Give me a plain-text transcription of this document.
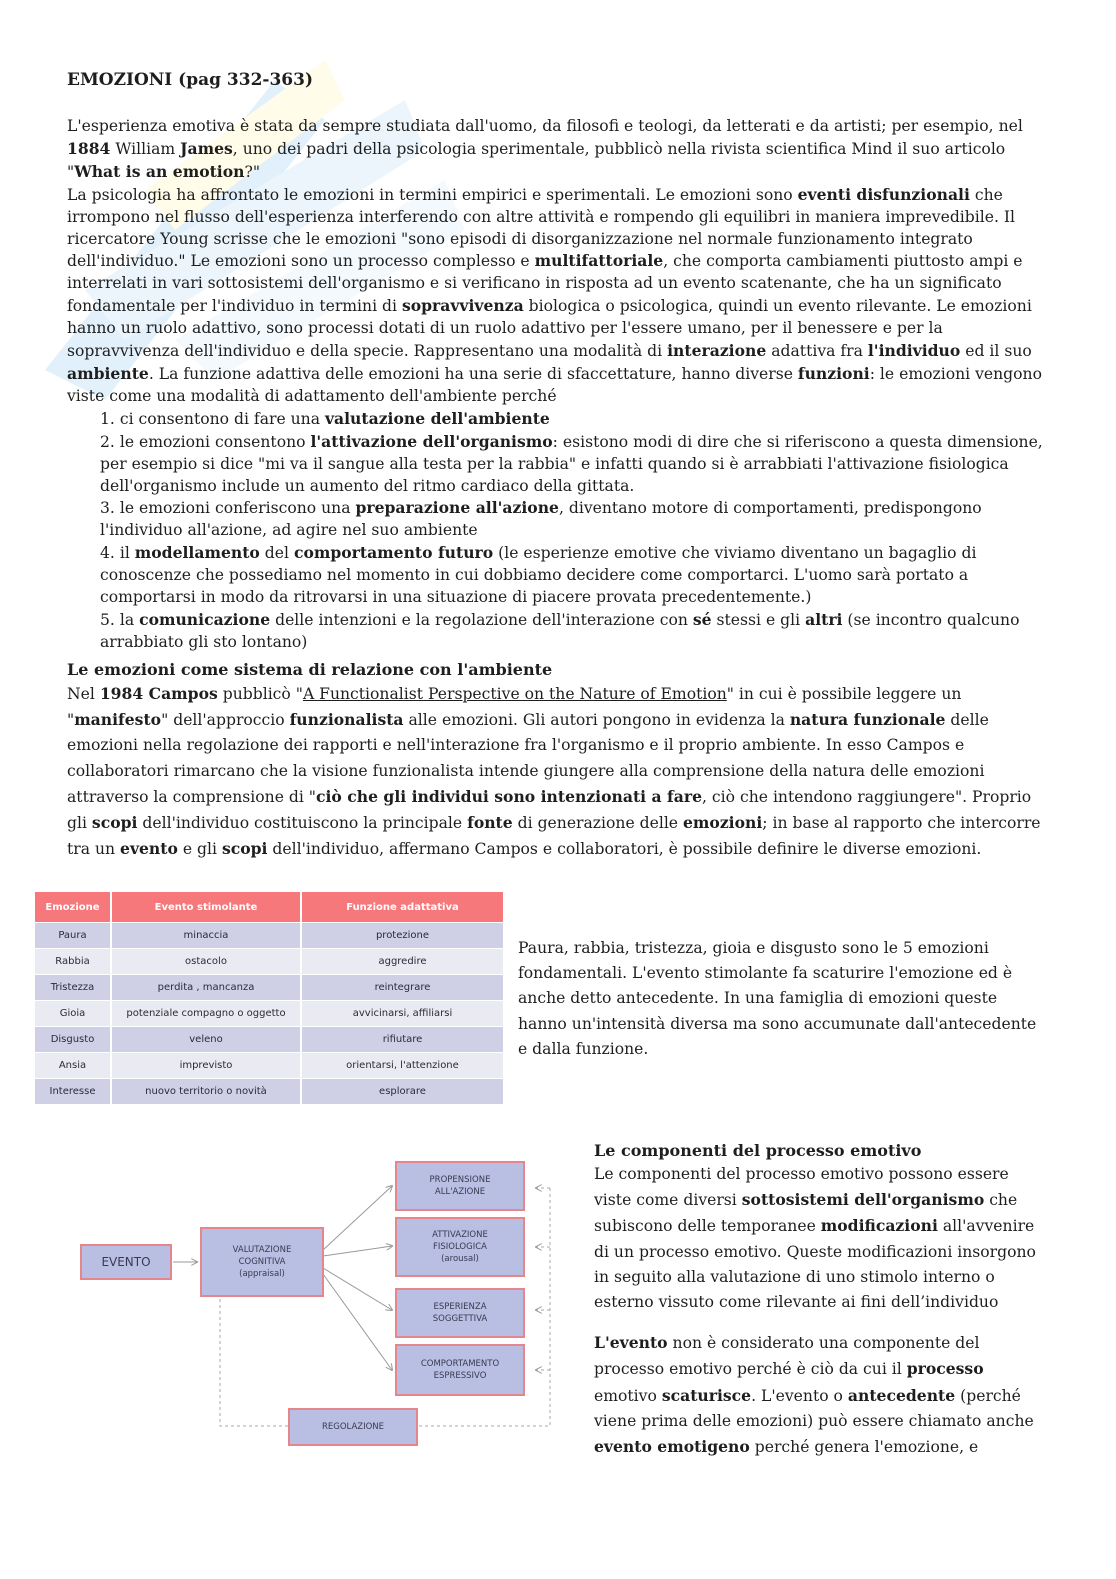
EMOZIONI (pag 332-363)

L'esperienza emotiva è stata da sempre studiata dall'uomo, da filosofi e teologi, da letterati e da artisti; per esempio, nel 1884 William James, uno dei padri della psicologia sperimentale, pubblicò nella rivista scientifica Mind il suo articolo "What is an emotion?"

La psicologia ha affrontato le emozioni in termini empirici e sperimentali. Le emozioni sono eventi disfunzionali che irrompono nel flusso dell'esperienza interferendo con altre attività e rompendo gli equilibri in maniera imprevedibile. Il ricercatore Young scrisse che le emozioni "sono episodi di disorganizzazione nel normale funzionamento integrato dell'individuo." Le emozioni sono un processo complesso e multifattoriale, che comporta cambiamenti piuttosto ampi e interrelati in vari sottosistemi dell'organismo e si verificano in risposta ad un evento scatenante, che ha un significato fondamentale per l'individuo in termini di sopravvivenza biologica o psicologica, quindi un evento rilevante. Le emozioni hanno un ruolo adattivo, sono processi dotati di un ruolo adattivo per l'essere umano, per il benessere e per la sopravvivenza dell'individuo e della specie. Rappresentano una modalità di interazione adattiva fra l'individuo ed il suo ambiente. La funzione adattiva delle emozioni ha una serie di sfaccettature, hanno diverse funzioni: le emozioni vengono viste come una modalità di adattamento dell'ambiente perché

1. ci consentono di fare una valutazione dell'ambiente
2. le emozioni consentono l'attivazione dell'organismo: esistono modi di dire che si riferiscono a questa dimensione, per esempio si dice "mi va il sangue alla testa per la rabbia" e infatti quando si è arrabbiati l'attivazione fisiologica dell'organismo include un aumento del ritmo cardiaco della gittata.
3. le emozioni conferiscono una preparazione all'azione, diventano motore di comportamenti, predispongono l'individuo all'azione, ad agire nel suo ambiente
4. il modellamento del comportamento futuro (le esperienze emotive che viviamo diventano un bagaglio di conoscenze che possediamo nel momento in cui dobbiamo decidere come comportarci. L'uomo sarà portato a comportarsi in modo da ritrovarsi in una situazione di piacere provata precedentemente.)
5. la comunicazione delle intenzioni e la regolazione dell'interazione con sé stessi e gli altri (se incontro qualcuno arrabbiato gli sto lontano)
Le emozioni come sistema di relazione con l'ambiente

Nel 1984 Campos pubblicò "A Functionalist Perspective on the Nature of Emotion" in cui è possibile leggere un "manifesto" dell'approccio funzionalista alle emozioni. Gli autori pongono in evidenza la natura funzionale delle emozioni nella regolazione dei rapporti e nell'interazione fra l'organismo e il proprio ambiente. In esso Campos e collaboratori rimarcano che la visione funzionalista intende giungere alla comprensione della natura delle emozioni attraverso la comprensione di "ciò che gli individui sono intenzionati a fare, ciò che intendono raggiungere". Proprio gli scopi dell'individuo costituiscono la principale fonte di generazione delle emozioni; in base al rapporto che intercorre tra un evento e gli scopi dell'individuo, affermano Campos e collaboratori, è possibile definire le diverse emozioni.

Emozione	Evento stimolante	Funzione adattativa
Paura	minaccia	protezione
Rabbia	ostacolo	aggredire
Tristezza	perdita , mancanza	reintegrare
Gioia	potenziale compagno o oggetto	avvicinarsi, affiliarsi
Disgusto	veleno	rifiutare
Ansia	imprevisto	orientarsi, l'attenzione
Interesse	nuovo territorio o novità	esplorare

Paura, rabbia, tristezza, gioia e disgusto sono le 5 emozioni fondamentali. L'evento stimolante fa scaturire l'emozione ed è anche detto antecedente. In una famiglia di emozioni queste hanno un'intensità diversa ma sono accumunate dall'antecedente e dalla funzione.

EVENTO
VALUTAZIONE
COGNITIVA
(appraisal)
PROPENSIONE
ALL'AZIONE
ATTIVAZIONE
FISIOLOGICA
(arousal)
ESPERIENZA
SOGGETTIVA
COMPORTAMENTO
ESPRESSIVO
REGOLAZIONE
Le componenti del processo emotivo

Le componenti del processo emotivo possono essere viste come diversi sottosistemi dell'organismo che subiscono delle temporanee modificazioni all'avvenire di un processo emotivo. Queste modificazioni insorgono in seguito alla valutazione di uno stimolo interno o esterno vissuto come rilevante ai fini dell’individuo

L'evento non è considerato una componente del processo emotivo perché è ciò da cui il processo emotivo scaturisce. L'evento o antecedente (perché viene prima delle emozioni) può essere chiamato anche evento emotigeno perché genera l'emozione, e
